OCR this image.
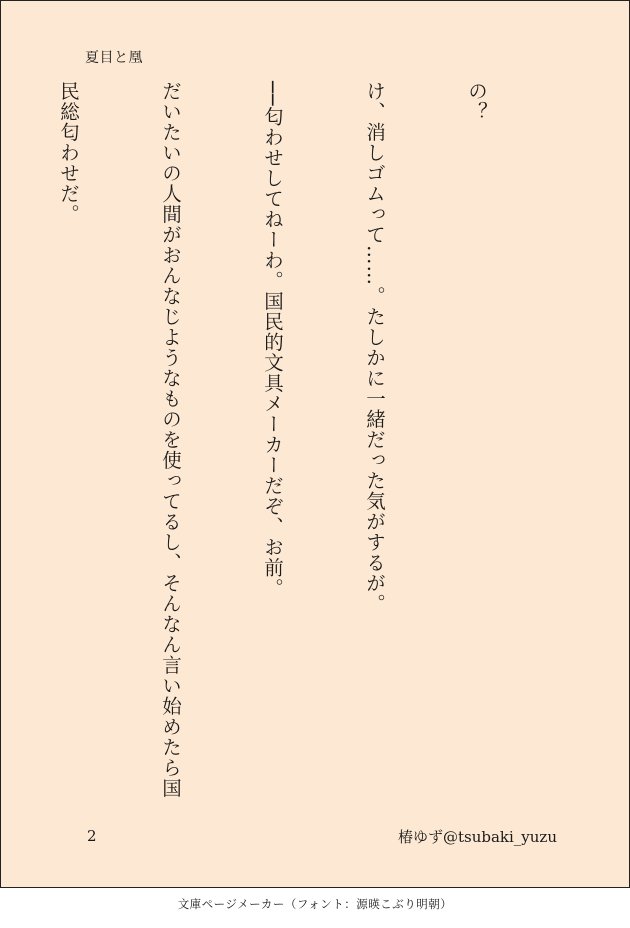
夏目と凰

の？

け、消しゴムって……。たしかに一緒だった気がするが。

──匂わせしてねーわ。国民的文具メーカーだぞ、お前。

だいたいの人間がおんなじようなものを使ってるし、そんなん言い始めたら国

民総匂わせだ。

2	椿ゆず@tsubaki_yuzu
文庫ページメーカー（フォント：源暎こぶり明朝）
